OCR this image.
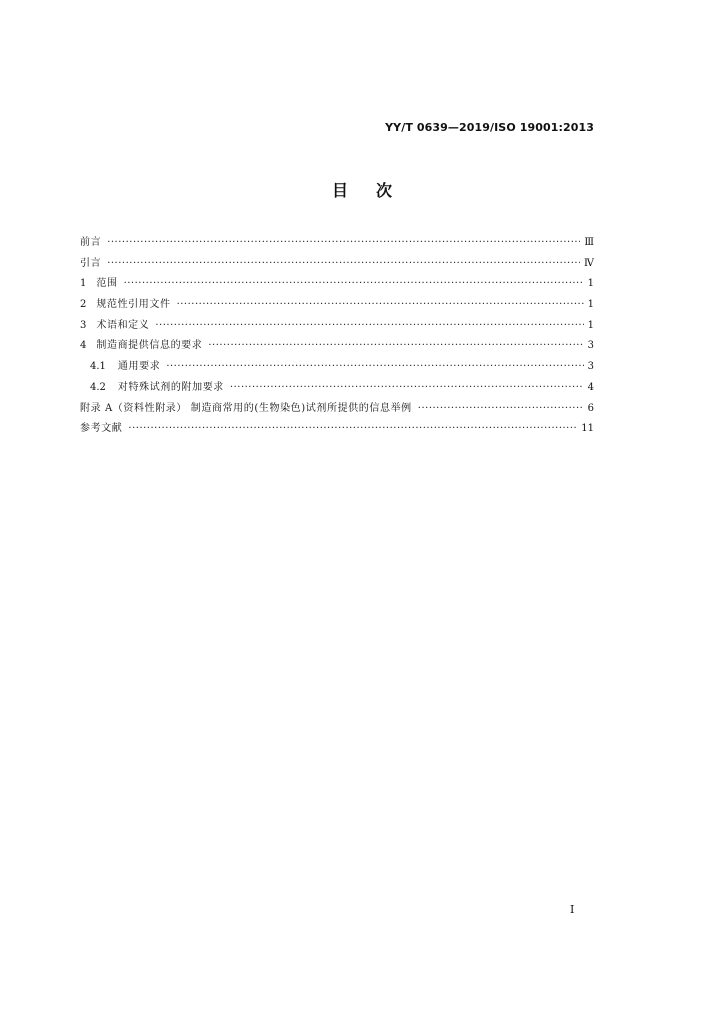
YY/T 0639—2019/ISO 19001:2013
目 次
前言 ·····	Ⅲ
引言 ·····	Ⅳ
1 范围 ·····	1
2 规范性引用文件 ·····	1
3 术语和定义 ·····	1
4 制造商提供信息的要求 ·····	3
4.1 通用要求 ·····	3
4.2 对特殊试剂的附加要求 ·····	4
附录 A（资料性附录） 制造商常用的(生物染色)试剂所提供的信息举例 ·····	6
参考文献 ·····	11
I
